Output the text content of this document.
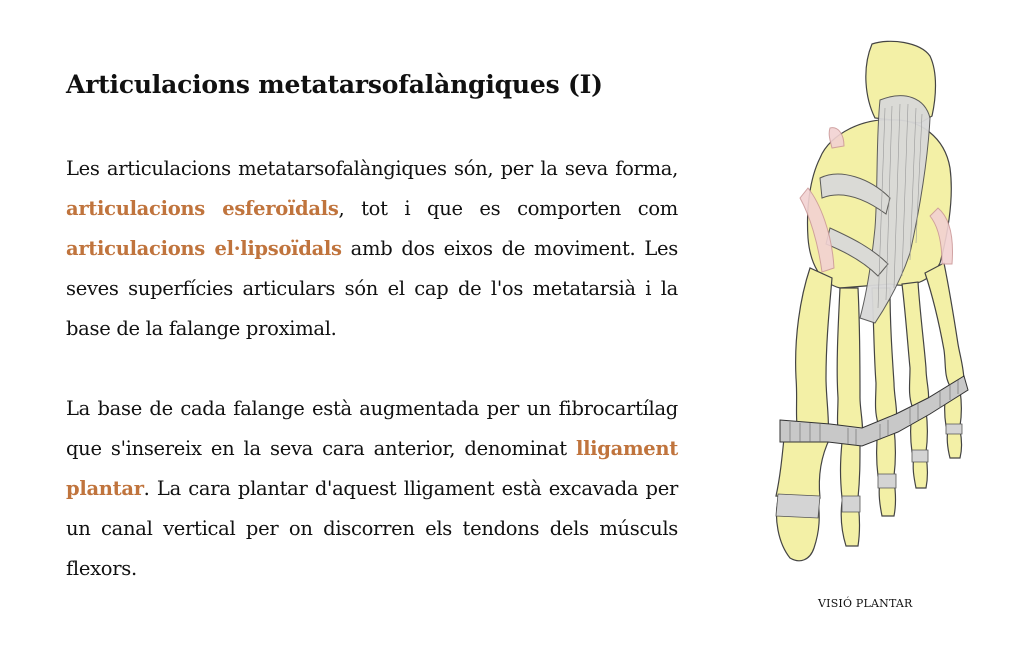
Articulacions metatarsofalàngiques (I)

Les articulacions metatarsofalàngiques són, per la seva forma, articulacions esferoïdals, tot i que es comporten com articulacions el·lipsoïdals amb dos eixos de moviment. Les seves superfícies articulars són el cap de l'os metatarsià i la base de la falange proximal.

La base de cada falange està augmentada per un fibrocartílag que s'insereix en la seva cara anterior, denominat lligament plantar. La cara plantar d'aquest lligament està excavada per un canal vertical per on discorren els tendons dels músculs flexors.

VISIÓ PLANTAR
